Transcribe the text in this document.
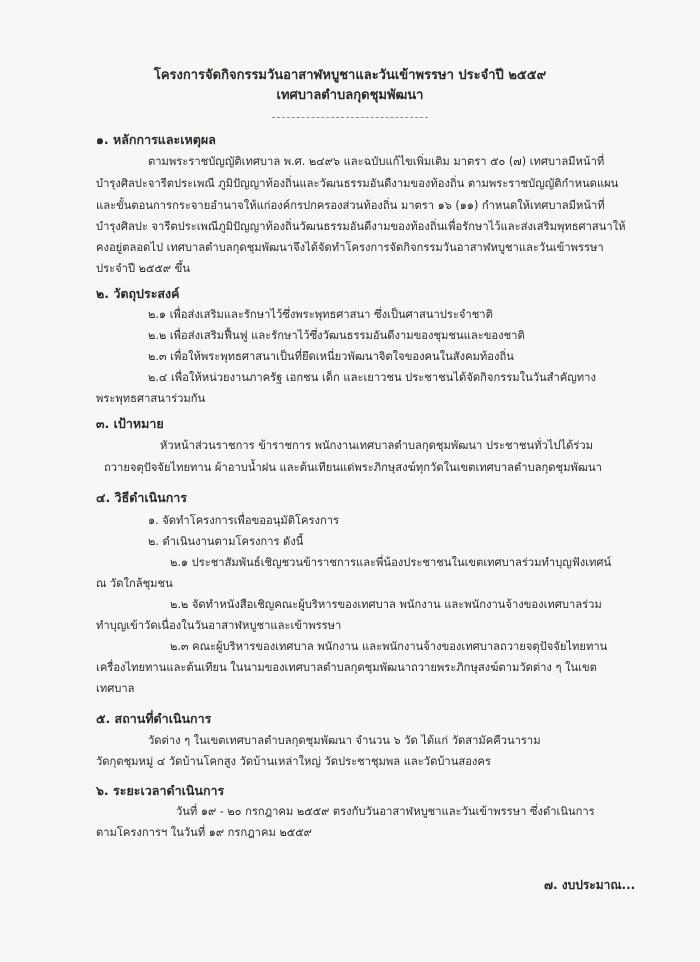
โครงการจัดกิจกรรมวันอาสาฬหบูชาและวันเข้าพรรษา ประจำปี ๒๕๕๙
เทศบาลตำบลกุดชุมพัฒนา
๑. หลักการและเหตุผล
ตามพระราชบัญญัติเทศบาล พ.ศ. ๒๔๙๖ และฉบับแก้ไขเพิ่มเติม มาตรา ๕๐ (๗) เทศบาลมีหน้าที่
บำรุงศิลปะจารีตประเพณี ภูมิปัญญาท้องถิ่นและวัฒนธรรมอันดีงามของท้องถิ่น ตามพระราชบัญญัติกำหนดแผน
และขั้นตอนการกระจายอำนาจให้แก่องค์กรปกครองส่วนท้องถิ่น มาตรา ๑๖ (๑๑) กำหนดให้เทศบาลมีหน้าที่
บำรุงศิลปะ จารีตประเพณีภูมิปัญญาท้องถิ่นวัฒนธรรมอันดีงามของท้องถิ่นเพื่อรักษาไว้และส่งเสริมพุทธศาสนาให้
คงอยู่ตลอดไป เทศบาลตำบลกุดชุมพัฒนาจึงได้จัดทำโครงการจัดกิจกรรมวันอาสาฬหบูชาและวันเข้าพรรษา
ประจำปี ๒๕๕๙ ขึ้น
๒. วัตถุประสงค์
๒.๑ เพื่อส่งเสริมและรักษาไว้ซึ่งพระพุทธศาสนา ซึ่งเป็นศาสนาประจำชาติ
๒.๒ เพื่อส่งเสริมฟื้นฟู และรักษาไว้ซึ่งวัฒนธรรมอันดีงามของชุมชนและของชาติ
๒.๓ เพื่อให้พระพุทธศาสนาเป็นที่ยึดเหนี่ยวพัฒนาจิตใจของคนในสังคมท้องถิ่น
๒.๔ เพื่อให้หน่วยงานภาครัฐ เอกชน เด็ก และเยาวชน ประชาชนได้จัดกิจกรรมในวันสำคัญทาง
พระพุทธศาสนาร่วมกัน
๓. เป้าหมาย
หัวหน้าส่วนราชการ ข้าราชการ พนักงานเทศบาลตำบลกุดชุมพัฒนา ประชาชนทั่วไปได้ร่วม
ถวายจตุปัจจัยไทยทาน ผ้าอาบน้ำฝน และต้นเทียนแด่พระภิกษุสงฆ์ทุกวัดในเขตเทศบาลตำบลกุดชุมพัฒนา
๔. วิธีดำเนินการ
๑. จัดทำโครงการเพื่อขออนุมัติโครงการ
๒. ดำเนินงานตามโครงการ ดังนี้
๒.๑ ประชาสัมพันธ์เชิญชวนข้าราชการและพี่น้องประชาชนในเขตเทศบาลร่วมทำบุญฟังเทศน์
ณ วัดใกล้ชุมชน
๒.๒ จัดทำหนังสือเชิญคณะผู้บริหารของเทศบาล พนักงาน และพนักงานจ้างของเทศบาลร่วม
ทำบุญเข้าวัดเนื่องในวันอาสาฬหบูชาและเข้าพรรษา
๒.๓ คณะผู้บริหารของเทศบาล พนักงาน และพนักงานจ้างของเทศบาลถวายจตุปัจจัยไทยทาน
เครื่องไทยทานและต้นเทียน ในนามของเทศบาลตำบลกุดชุมพัฒนาถวายพระภิกษุสงฆ์ตามวัดต่าง ๆ ในเขต
เทศบาล
๕. สถานที่ดำเนินการ
วัดต่าง ๆ ในเขตเทศบาลตำบลกุดชุมพัฒนา จำนวน ๖ วัด ได้แก่ วัดสามัคคีวนาราม
วัดกุดชุมหมู่ ๔ วัดบ้านโคกสูง วัดบ้านเหล่าใหญ่ วัดประชาชุมพล และวัดบ้านสองคร
๖. ระยะเวลาดำเนินการ
วันที่ ๑๙ - ๒๐ กรกฎาคม ๒๕๕๙ ตรงกับวันอาสาฬหบูชาและวันเข้าพรรษา ซึ่งดำเนินการ
ตามโครงการฯ ในวันที่ ๑๙ กรกฎาคม ๒๕๕๙
๗. งบประมาณ...
